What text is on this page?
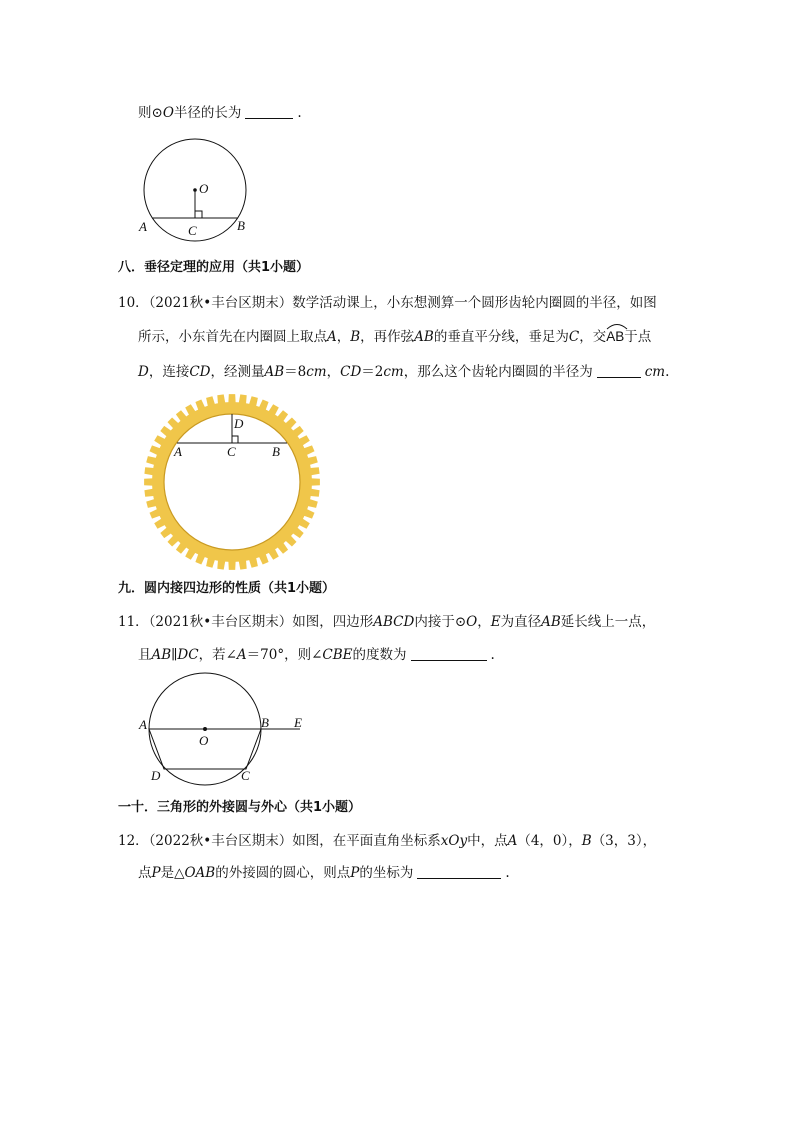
则⊙O半径的长为	.
O
A	B
C
八．垂径定理的应用（共1小题）
10．（2021秋•丰台区期末）数学活动课上，小东想测算一个圆形齿轮内圈圆的半径，如图
所示，小东首先在内圈圆上取点A，B，再作弦AB的垂直平分线，垂足为C，交
AB于点
D，连接CD，经测量AB＝8cm，CD＝2cm，那么这个齿轮内圈圆的半径为	cm.
D
A	C	B
九．圆内接四边形的性质（共1小题）
11．（2021秋•丰台区期末）如图，四边形ABCD内接于⊙O，E为直径AB延长线上一点，
且AB∥DC，若∠A＝70°，则∠CBE的度数为	.
A	B E
O
D	C
一十．三角形的外接圆与外心（共1小题）
12．（2022秋•丰台区期末）如图，在平面直角坐标系xOy中，点A（4，0），B（3，3），
点P是△OAB的外接圆的圆心，则点P的坐标为	.
